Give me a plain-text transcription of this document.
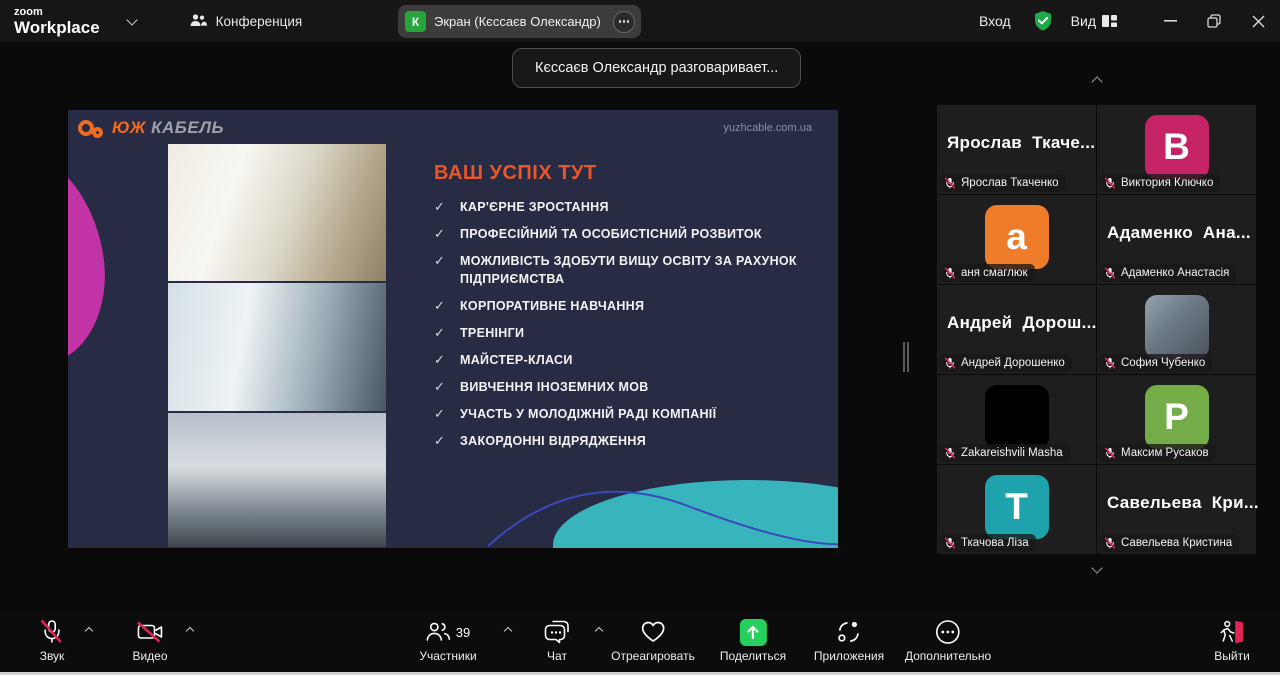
zoom
Workplace	Конференция	К	Экран (Кєссаєв Олександр)	Вход	Вид
Кєссаєв Олександр разговаривает...
ЮЖ КАБЕЛЬ	yuzhcable.com.ua
ВАШ УСПІХ ТУТ
✓ КАР'ЄРНЕ ЗРОСТАННЯ
✓ ПРОФЕСІЙНИЙ ТА ОСОБИСТІСНИЙ РОЗВИТОК
✓ МОЖЛИВІСТЬ ЗДОБУТИ ВИЩУ ОСВІТУ ЗА РАХУНОК ПІДПРИЄМСТВА
✓ КОРПОРАТИВНЕ НАВЧАННЯ
✓ ТРЕНІНГИ
✓ МАЙСТЕР-КЛАСИ
✓ ВИВЧЕННЯ ІНОЗЕМНИХ МОВ
✓ УЧАСТЬ У МОЛОДІЖНІЙ РАДІ КОМПАНІЇ
✓ ЗАКОРДОННІ ВІДРЯДЖЕННЯ
Ярослав  Ткаче...
Ярослав Ткаченко
В
Виктория Ключко
a
аня смаглюк
Адаменко  Ана...
Адаменко Анастасія
Андрей  Дорош...
Андрей Дорошенко	София Чубенко
Zakareishvili Masha
P
Максим Русаков
T
Ткачова Ліза
Савельева  Кри...
Савельева Кристина
Звук	Видео
39
Участники	Чат	Отреагировать Поделиться Приложения Дополнительно	Выйти
